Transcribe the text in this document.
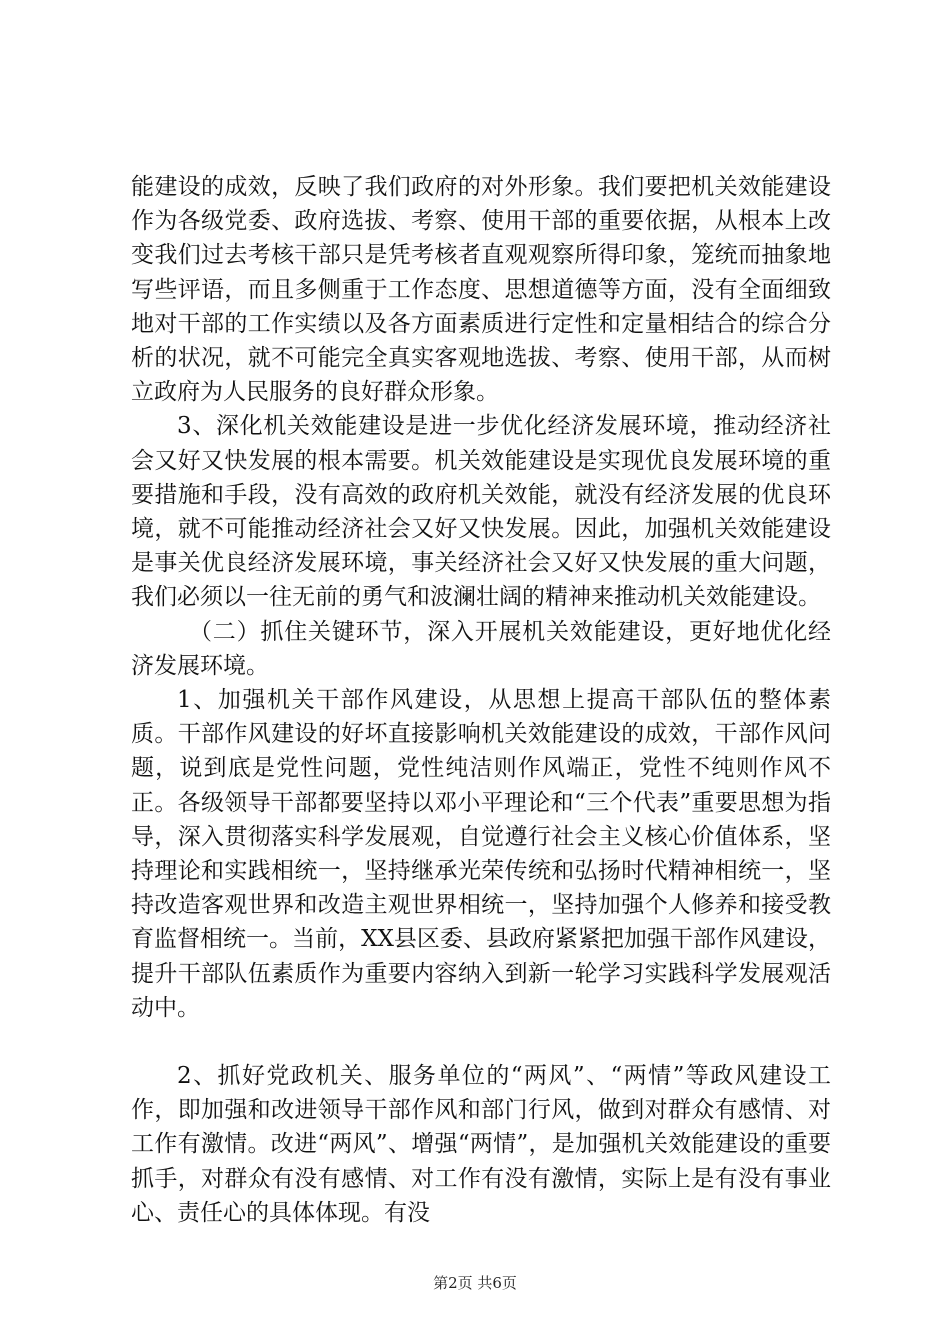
能建设的成效，反映了我们政府的对外形象。我们要把机关效能建设作为各级党委、政府选拔、考察、使用干部的重要依据，从根本上改变我们过去考核干部只是凭考核者直观观察所得印象，笼统而抽象地写些评语，而且多侧重于工作态度、思想道德等方面，没有全面细致地对干部的工作实绩以及各方面素质进行定性和定量相结合的综合分析的状况，就不可能完全真实客观地选拔、考察、使用干部，从而树立政府为人民服务的良好群众形象。

3、深化机关效能建设是进一步优化经济发展环境，推动经济社会又好又快发展的根本需要。机关效能建设是实现优良发展环境的重要措施和手段，没有高效的政府机关效能，就没有经济发展的优良环境，就不可能推动经济社会又好又快发展。因此，加强机关效能建设是事关优良经济发展环境，事关经济社会又好又快发展的重大问题，我们必须以一往无前的勇气和波澜壮阔的精神来推动机关效能建设。

（二）抓住关键环节，深入开展机关效能建设，更好地优化经济发展环境。

1、加强机关干部作风建设，从思想上提高干部队伍的整体素质。干部作风建设的好坏直接影响机关效能建设的成效，干部作风问题，说到底是党性问题，党性纯洁则作风端正，党性不纯则作风不正。各级领导干部都要坚持以邓小平理论和“三个代表”重要思想为指导，深入贯彻落实科学发展观，自觉遵行社会主义核心价值体系，坚持理论和实践相统一，坚持继承光荣传统和弘扬时代精神相统一，坚持改造客观世界和改造主观世界相统一，坚持加强个人修养和接受教育监督相统一。当前，XX县区委、县政府紧紧把加强干部作风建设，提升干部队伍素质作为重要内容纳入到新一轮学习实践科学发展观活动中。

2、抓好党政机关、服务单位的“两风”、“两情”等政风建设工作，即加强和改进领导干部作风和部门行风，做到对群众有感情、对工作有激情。改进“两风”、增强“两情”，是加强机关效能建设的重要抓手，对群众有没有感情、对工作有没有激情，实际上是有没有事业心、责任心的具体体现。有没

第2页 共6页
